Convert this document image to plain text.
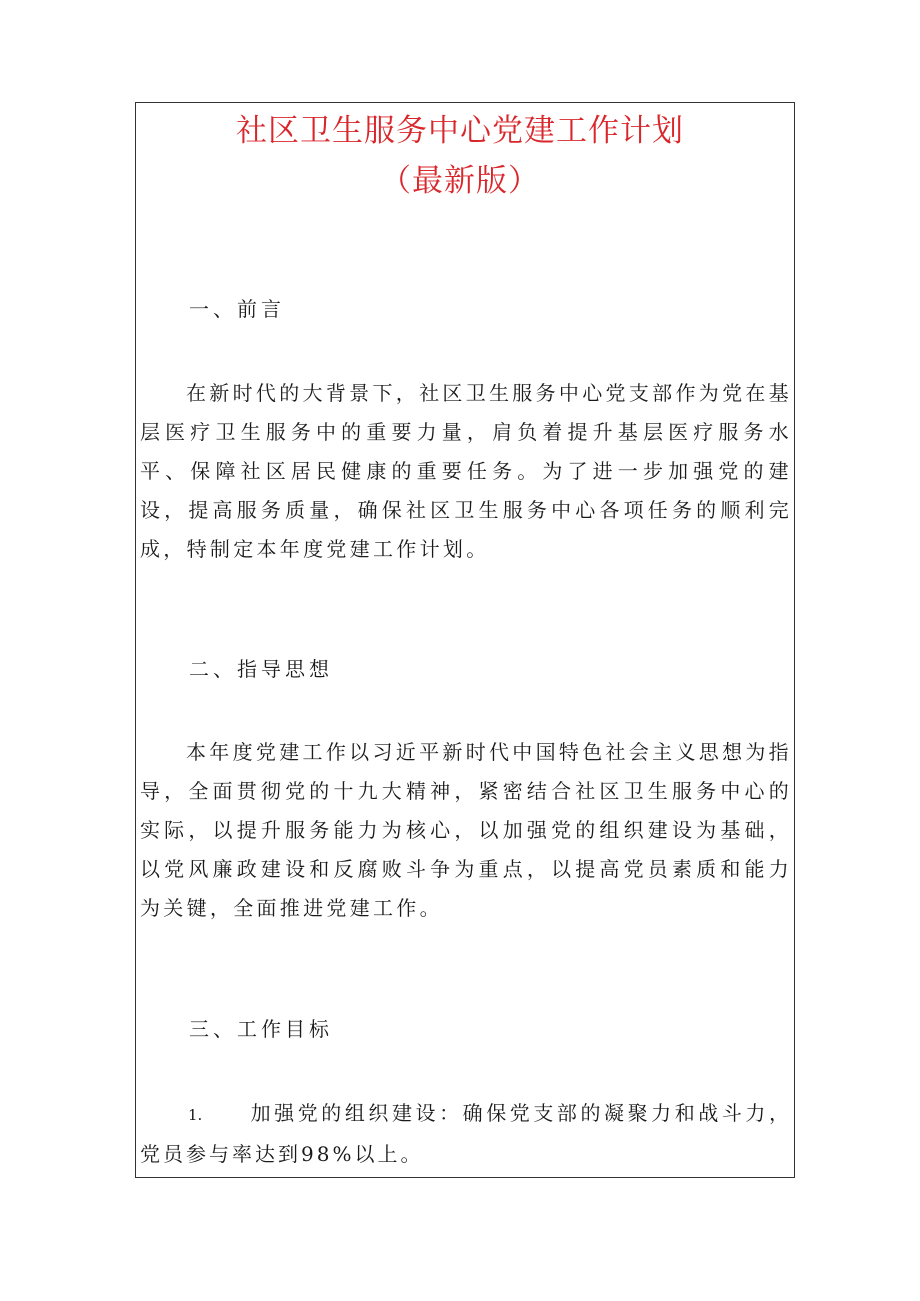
社区卫生服务中心党建工作计划
（最新版）
一、前言

在新时代的大背景下，社区卫生服务中心党支部作为党在基层医疗卫生服务中的重要力量，肩负着提升基层医疗服务水平、保障社区居民健康的重要任务。为了进一步加强党的建设，提高服务质量，确保社区卫生服务中心各项任务的顺利完成，特制定本年度党建工作计划。

二、指导思想

本年度党建工作以习近平新时代中国特色社会主义思想为指导，全面贯彻党的十九大精神，紧密结合社区卫生服务中心的实际，以提升服务能力为核心，以加强党的组织建设为基础，以党风廉政建设和反腐败斗争为重点，以提高党员素质和能力为关键，全面推进党建工作。

三、工作目标

1. 加强党的组织建设：确保党支部的凝聚力和战斗力，党员参与率达到98%以上。
